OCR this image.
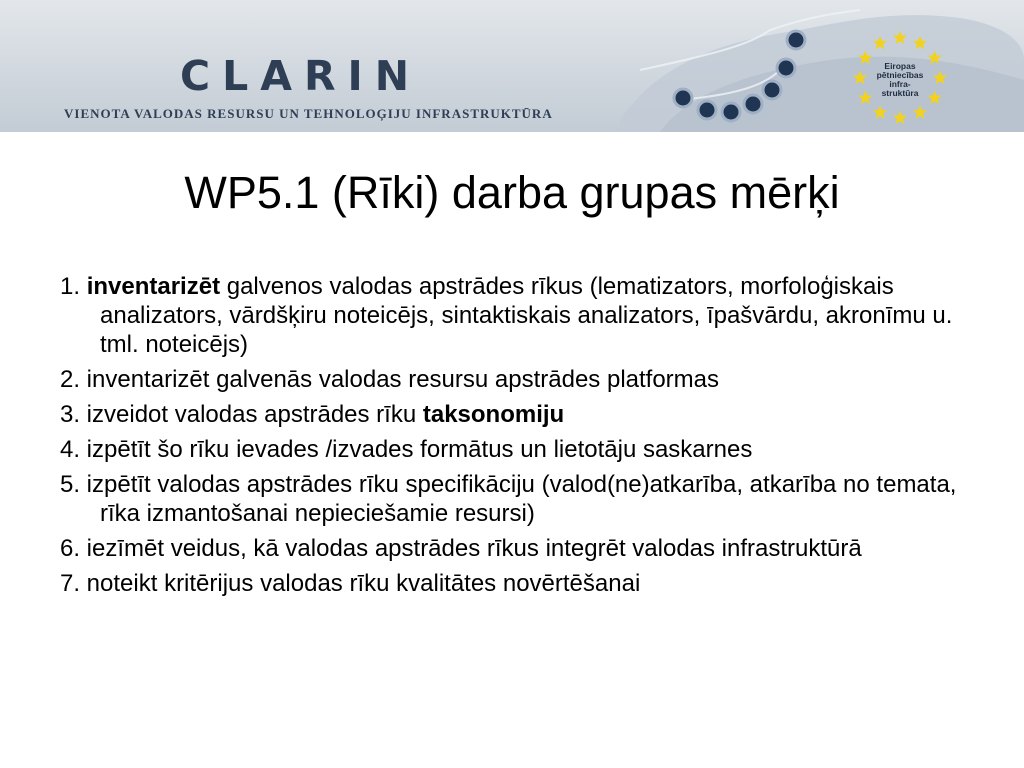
CLARIN
VIENOTA VALODAS RESURSU UN TEHNOLOĢIJU INFRASTRUKTŪRA
Eiropas
pētniecības
infra-
struktūra
WP5.1 (Rīki) darba grupas mērķi
1. inventarizēt galvenos valodas apstrādes rīkus (lematizators, morfoloģiskais analizators, vārdšķiru noteicējs, sintaktiskais analizators, īpašvārdu, akronīmu u. tml. noteicējs)
2. inventarizēt galvenās valodas resursu apstrādes platformas
3. izveidot valodas apstrādes rīku taksonomiju
4. izpētīt šo rīku ievades /izvades formātus un lietotāju saskarnes
5. izpētīt valodas apstrādes rīku specifikāciju (valod(ne)atkarība, atkarība no temata, rīka izmantošanai nepieciešamie resursi)
6. iezīmēt veidus, kā valodas apstrādes rīkus integrēt valodas infrastruktūrā
7. noteikt kritērijus valodas rīku kvalitātes novērtēšanai
